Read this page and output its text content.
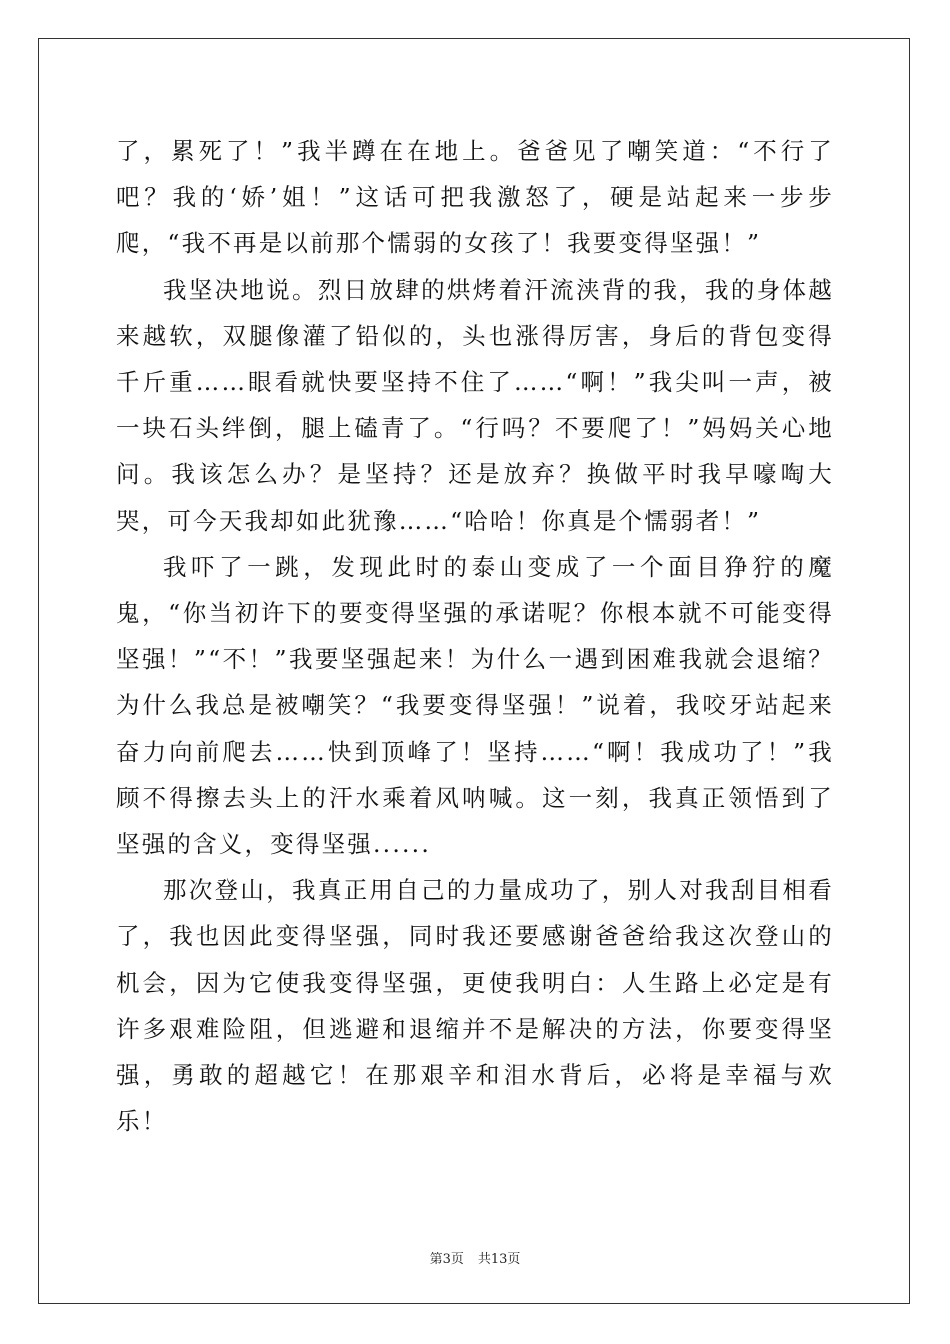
了，累死了！”我半蹲在在地上。爸爸见了嘲笑道：“不行了吧？我的‘娇’姐！”这话可把我激怒了，硬是站起来一步步爬，“我不再是以前那个懦弱的女孩了！我要变得坚强！”

我坚决地说。烈日放肆的烘烤着汗流浃背的我，我的身体越来越软，双腿像灌了铅似的，头也涨得厉害，身后的背包变得千斤重……眼看就快要坚持不住了……“啊！”我尖叫一声，被一块石头绊倒，腿上磕青了。“行吗？不要爬了！”妈妈关心地问。我该怎么办？是坚持？还是放弃？换做平时我早嚎啕大哭，可今天我却如此犹豫……“哈哈！你真是个懦弱者！”

我吓了一跳，发现此时的泰山变成了一个面目狰狞的魔鬼，“你当初许下的要变得坚强的承诺呢？你根本就不可能变得坚强！”“不！”我要坚强起来！为什么一遇到困难我就会退缩？为什么我总是被嘲笑？“我要变得坚强！”说着，我咬牙站起来奋力向前爬去……快到顶峰了！坚持……“啊！我成功了！”我顾不得擦去头上的汗水乘着风呐喊。这一刻，我真正领悟到了坚强的含义，变得坚强......

那次登山，我真正用自己的力量成功了，别人对我刮目相看了，我也因此变得坚强，同时我还要感谢爸爸给我这次登山的机会，因为它使我变得坚强，更使我明白：人生路上必定是有许多艰难险阻，但逃避和退缩并不是解决的方法，你要变得坚强，勇敢的超越它！在那艰辛和泪水背后，必将是幸福与欢乐！

第3页 共13页
